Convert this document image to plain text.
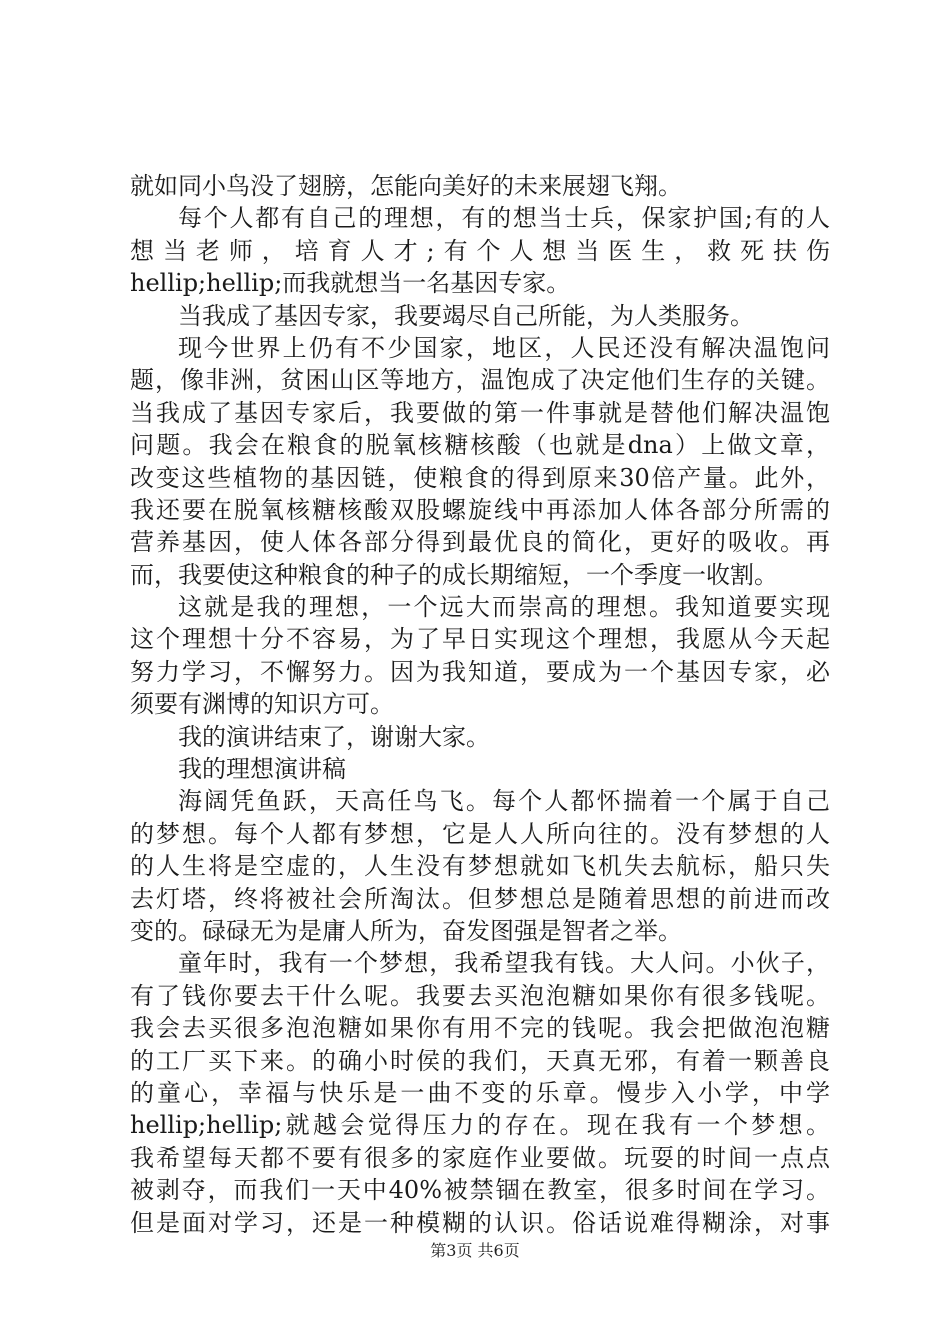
就如同小鸟没了翅膀，怎能向美好的未来展翅飞翔。
每个人都有自己的理想，有的想当士兵，保家护国;有的人
想当老师，培育人才;有个人想当医生，救死扶伤
hellip;hellip;而我就想当一名基因专家。
当我成了基因专家，我要竭尽自己所能，为人类服务。
现今世界上仍有不少国家，地区，人民还没有解决温饱问
题，像非洲，贫困山区等地方，温饱成了决定他们生存的关键。
当我成了基因专家后，我要做的第一件事就是替他们解决温饱
问题。我会在粮食的脱氧核糖核酸（也就是dna）上做文章，
改变这些植物的基因链，使粮食的得到原来30倍产量。此外，
我还要在脱氧核糖核酸双股螺旋线中再添加人体各部分所需的
营养基因，使人体各部分得到最优良的简化，更好的吸收。再
而，我要使这种粮食的种子的成长期缩短，一个季度一收割。
这就是我的理想，一个远大而崇高的理想。我知道要实现
这个理想十分不容易，为了早日实现这个理想，我愿从今天起
努力学习，不懈努力。因为我知道，要成为一个基因专家，必
须要有渊博的知识方可。
我的演讲结束了，谢谢大家。
我的理想演讲稿
海阔凭鱼跃，天高任鸟飞。每个人都怀揣着一个属于自己
的梦想。每个人都有梦想，它是人人所向往的。没有梦想的人
的人生将是空虚的，人生没有梦想就如飞机失去航标，船只失
去灯塔，终将被社会所淘汰。但梦想总是随着思想的前进而改
变的。碌碌无为是庸人所为，奋发图强是智者之举。
童年时，我有一个梦想，我希望我有钱。大人问。小伙子，
有了钱你要去干什么呢。我要去买泡泡糖如果你有很多钱呢。
我会去买很多泡泡糖如果你有用不完的钱呢。我会把做泡泡糖
的工厂买下来。的确小时侯的我们，天真无邪，有着一颗善良
的童心，幸福与快乐是一曲不变的乐章。慢步入小学，中学
hellip;hellip;就越会觉得压力的存在。现在我有一个梦想。
我希望每天都不要有很多的家庭作业要做。玩耍的时间一点点
被剥夺，而我们一天中40%被禁锢在教室，很多时间在学习。
但是面对学习，还是一种模糊的认识。俗话说难得糊涂，对事
第3页 共6页
